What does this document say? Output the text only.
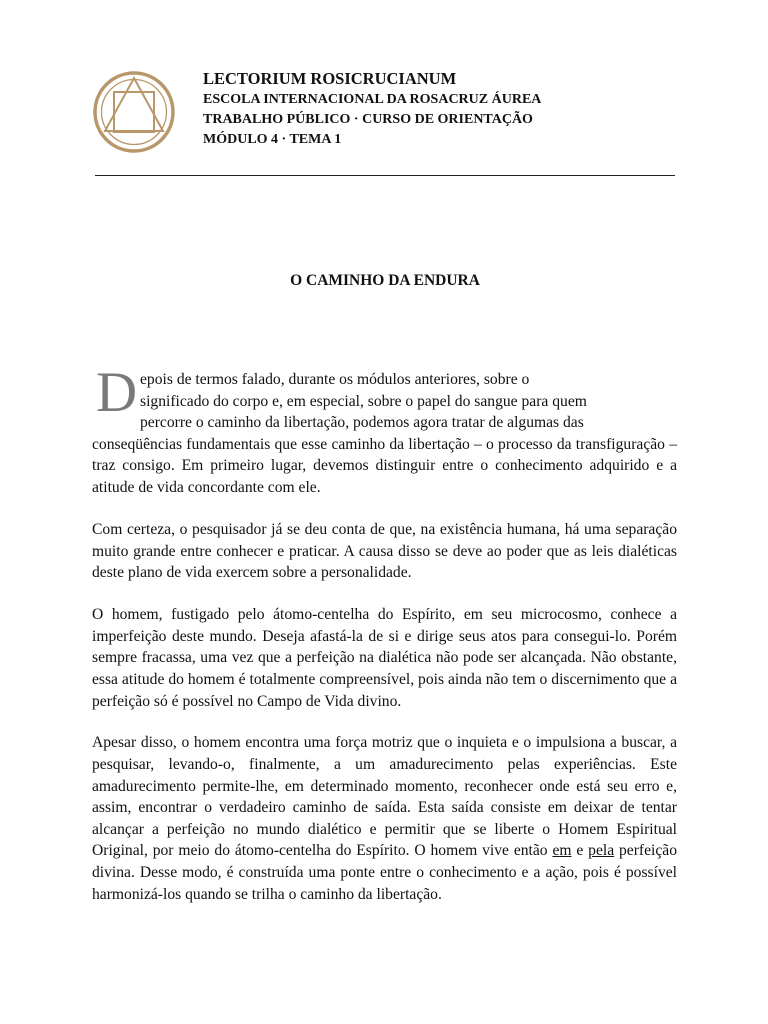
LECTORIUM ROSICRUCIANUM
ESCOLA INTERNACIONAL DA ROSACRUZ ÁUREA
TRABALHO PÚBLICO · CURSO DE ORIENTAÇÃO
MÓDULO 4 · TEMA 1
O CAMINHO DA ENDURA

D epois de termos falado, durante os módulos anteriores, sobre o
significado do corpo e, em especial, sobre o papel do sangue para quem
percorre o caminho da libertação, podemos agora tratar de algumas das
conseqüências fundamentais que esse caminho da libertação – o processo da transfiguração – traz consigo. Em primeiro lugar, devemos distinguir entre o conhecimento adquirido e a atitude de vida concordante com ele.

Com certeza, o pesquisador já se deu conta de que, na existência humana, há uma separação muito grande entre conhecer e praticar. A causa disso se deve ao poder que as leis dialéticas deste plano de vida exercem sobre a personalidade.

O homem, fustigado pelo átomo-centelha do Espírito, em seu microcosmo, conhece a imperfeição deste mundo. Deseja afastá-la de si e dirige seus atos para consegui-lo. Porém sempre fracassa, uma vez que a perfeição na dialética não pode ser alcançada. Não obstante, essa atitude do homem é totalmente compreensível, pois ainda não tem o discernimento que a perfeição só é possível no Campo de Vida divino.

Apesar disso, o homem encontra uma força motriz que o inquieta e o impulsiona a buscar, a pesquisar, levando-o, finalmente, a um amadurecimento pelas experiências. Este amadurecimento permite-lhe, em determinado momento, reconhecer onde está seu erro e, assim, encontrar o verdadeiro caminho de saída. Esta saída consiste em deixar de tentar alcançar a perfeição no mundo dialético e permitir que se liberte o Homem Espiritual Original, por meio do átomo-centelha do Espírito. O homem vive então em e pela perfeição divina. Desse modo, é construída uma ponte entre o conhecimento e a ação, pois é possível harmonizá-los quando se trilha o caminho da libertação.
